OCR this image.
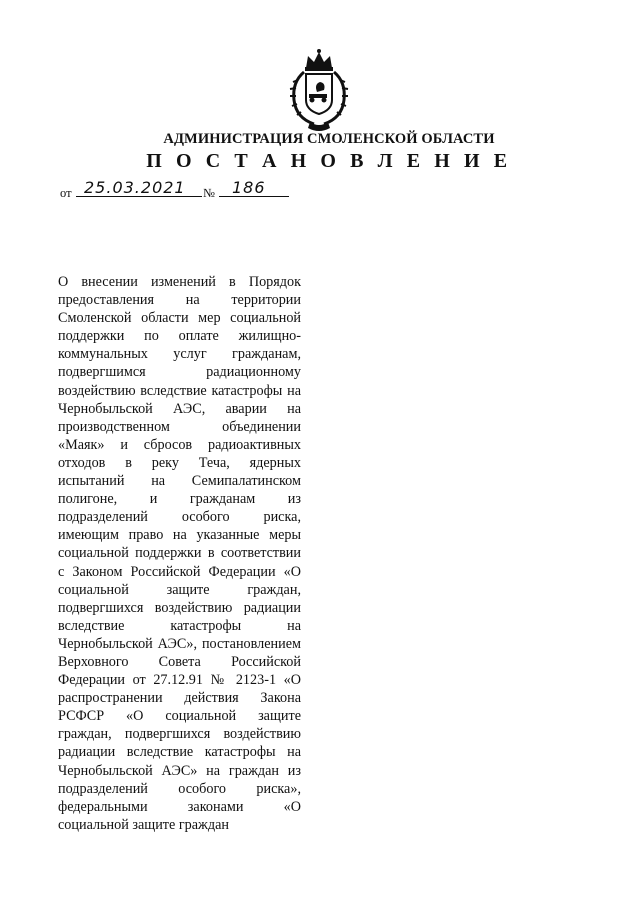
АДМИНИСТРАЦИЯ СМОЛЕНСКОЙ ОБЛАСТИ
П О С Т А Н О В Л Е Н И Е
от 25.03.2021 № 186

О внесении изменений в Порядок предоставления на территории Смоленской области мер социальной поддержки по оплате жилищно-коммунальных услуг гражданам, подвергшимся радиационному воздействию вследствие катастрофы на Чернобыльской АЭС, аварии на производственном объединении «Маяк» и сбросов радиоактивных отходов в реку Теча, ядерных испытаний на Семипалатинском полигоне, и гражданам из подразделений особого риска, имеющим право на указанные меры социальной поддержки в соответствии с Законом Российской Федерации «О социальной защите граждан, подвергшихся воздействию радиации вследствие катастрофы на Чернобыльской АЭС», постановлением Верховного Совета Российской Федерации от 27.12.91 № 2123-1 «О распространении действия Закона РСФСР «О социальной защите граждан, подвергшихся воздействию радиации вследствие катастрофы на Чернобыльской АЭС» на граждан из подразделений особого риска», федеральными законами «О социальной защите граждан
